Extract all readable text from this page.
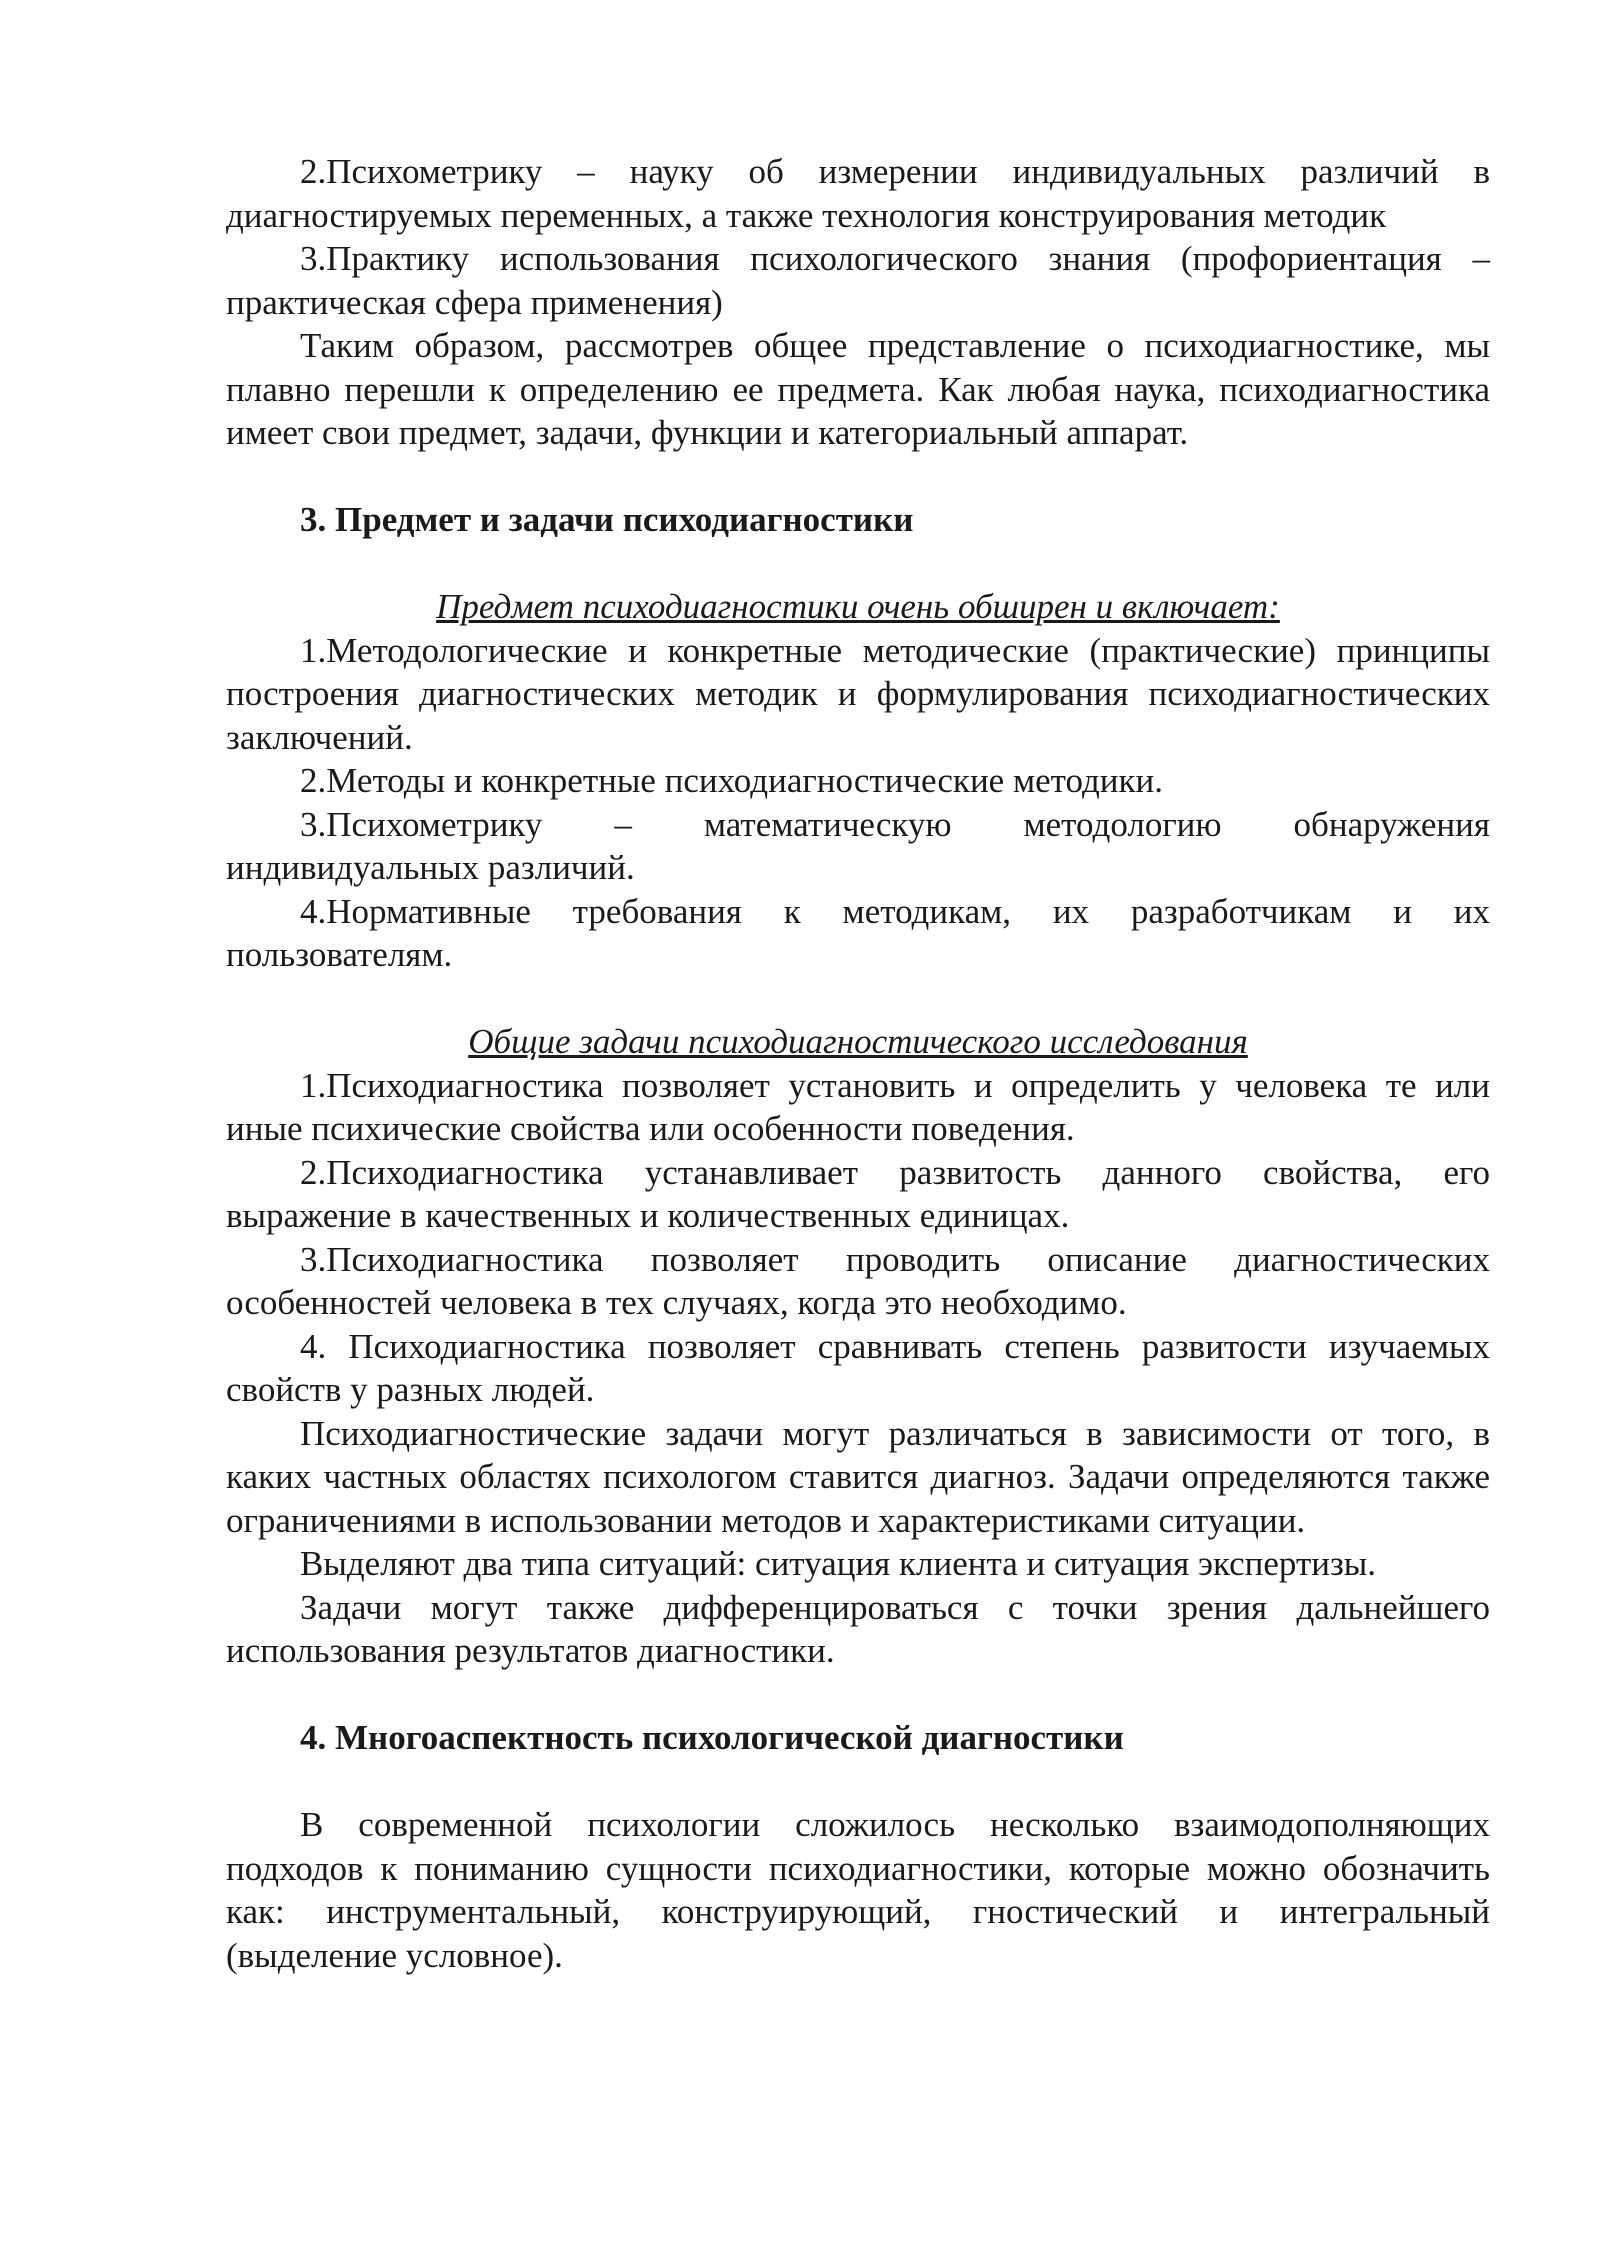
2.Психометрику – науку об измерении индивидуальных различий в диагностируемых переменных, а также технология конструирования методик

3.Практику использования психологического знания (профориентация – практическая сфера применения)

Таким образом, рассмотрев общее представление о психодиагностике, мы плавно перешли к определению ее предмета. Как любая наука, психодиагностика имеет свои предмет, задачи, функции и категориальный аппарат.

3. Предмет и задачи психодиагностики

Предмет психодиагностики очень обширен и включает:

1.Методологические и конкретные методические (практические) принципы построения диагностических методик и формулирования психодиагностических заключений.

2.Методы и конкретные психодиагностические методики.

3.Психометрику – математическую методологию обнаружения индивидуальных различий.

4.Нормативные требования к методикам, их разработчикам и их пользователям.

Общие задачи психодиагностического исследования

1.Психодиагностика позволяет установить и определить у человека те или иные психические свойства или особенности поведения.

2.Психодиагностика устанавливает развитость данного свойства, его выражение в качественных и количественных единицах.

3.Психодиагностика позволяет проводить описание диагностических особенностей человека в тех случаях, когда это необходимо.

4. Психодиагностика позволяет сравнивать степень развитости изучаемых свойств у разных людей.

Психодиагностические задачи могут различаться в зависимости от того, в каких частных областях психологом ставится диагноз. Задачи определяются также ограничениями в использовании методов и характеристиками ситуации.

Выделяют два типа ситуаций: ситуация клиента и ситуация экспертизы.

Задачи могут также дифференцироваться с точки зрения дальнейшего использования результатов диагностики.

4. Многоаспектность психологической диагностики

В современной психологии сложилось несколько взаимодополняющих подходов к пониманию сущности психодиагностики, которые можно обозначить как: инструментальный, конструирующий, гностический и интегральный (выделение условное).
